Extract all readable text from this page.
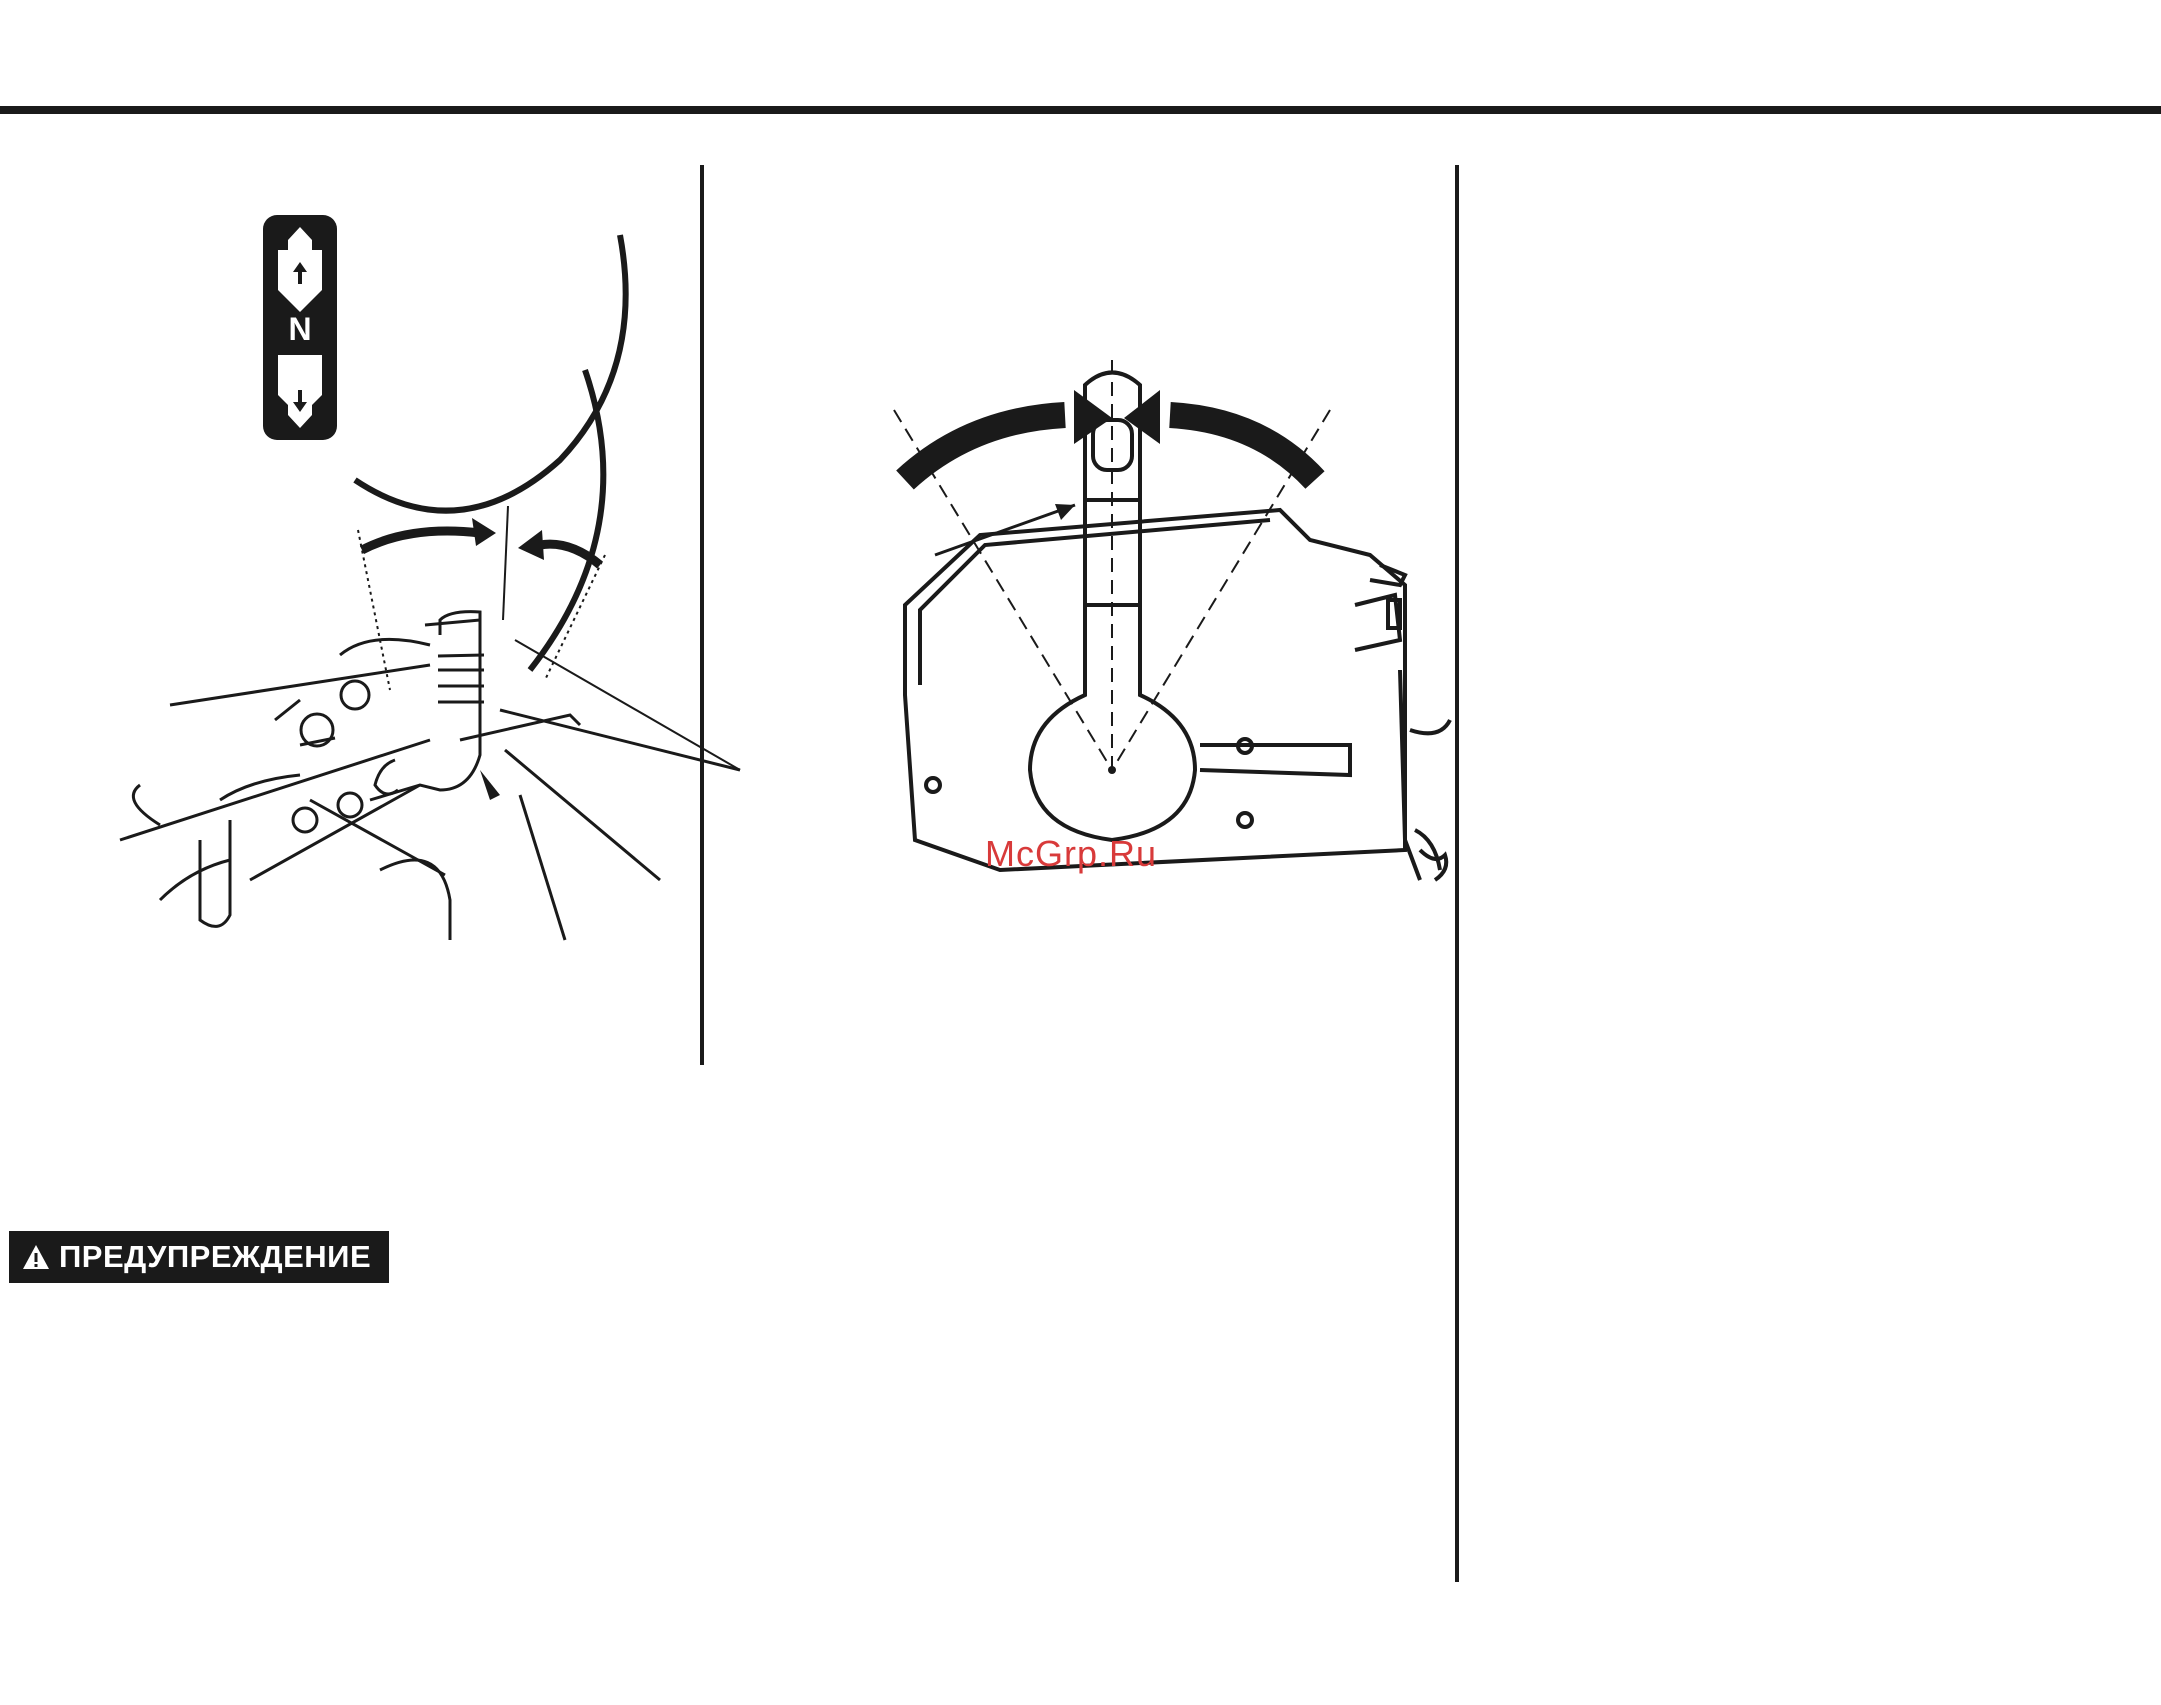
N
McGrp.Ru
ПРЕДУПРЕЖДЕНИЕ
